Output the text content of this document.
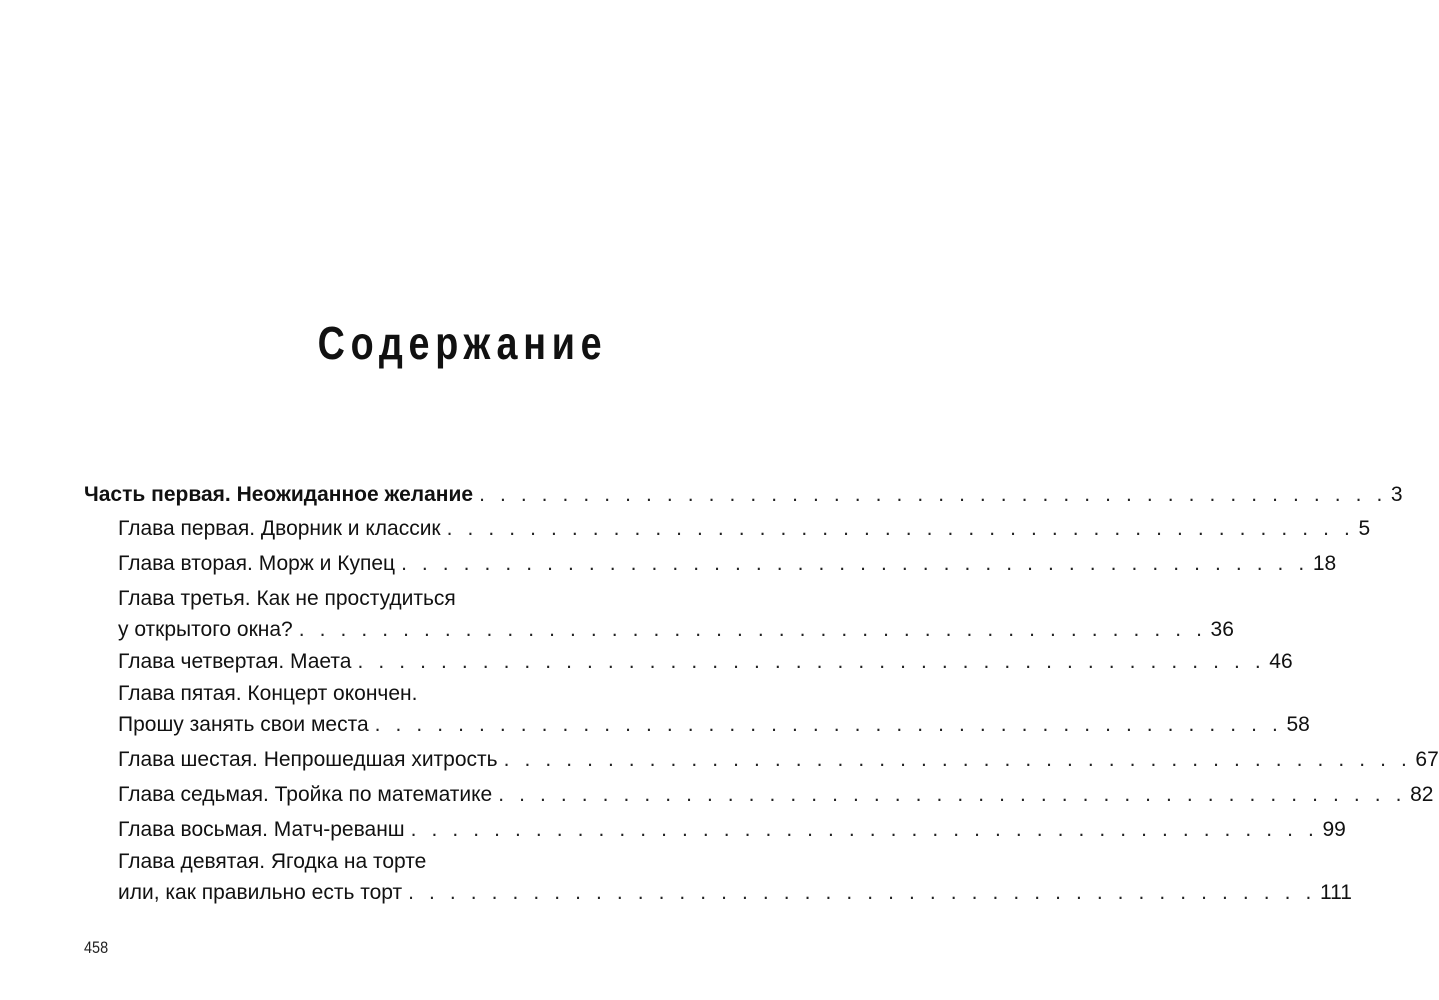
Содержание
Часть первая. Неожиданное желание . . . . . . . . . . . . . . . . . . . . . . . . . . . . . . . . . . . . . . . . . . . . 3
Глава первая. Дворник и классик . . . . . . . . . . . . . . . . . . . . . . . . . . . . . . . . . . . . . . . . . . . . 5
Глава вторая. Морж и Купец . . . . . . . . . . . . . . . . . . . . . . . . . . . . . . . . . . . . . . . . . . . . 18
Глава третья. Как не простудиться
у открытого окна? . . . . . . . . . . . . . . . . . . . . . . . . . . . . . . . . . . . . . . . . . . . . 36
Глава четвертая. Маета . . . . . . . . . . . . . . . . . . . . . . . . . . . . . . . . . . . . . . . . . . . . 46
Глава пятая. Концерт окончен.
Прошу занять свои места . . . . . . . . . . . . . . . . . . . . . . . . . . . . . . . . . . . . . . . . . . . . 58
Глава шестая. Непрошедшая хитрость . . . . . . . . . . . . . . . . . . . . . . . . . . . . . . . . . . . . . . . . . . . . 67
Глава седьмая. Тройка по математике . . . . . . . . . . . . . . . . . . . . . . . . . . . . . . . . . . . . . . . . . . . . 82
Глава восьмая. Матч-реванш . . . . . . . . . . . . . . . . . . . . . . . . . . . . . . . . . . . . . . . . . . . . 99
Глава девятая. Ягодка на торте
или, как правильно есть торт . . . . . . . . . . . . . . . . . . . . . . . . . . . . . . . . . . . . . . . . . . . . 111
458
